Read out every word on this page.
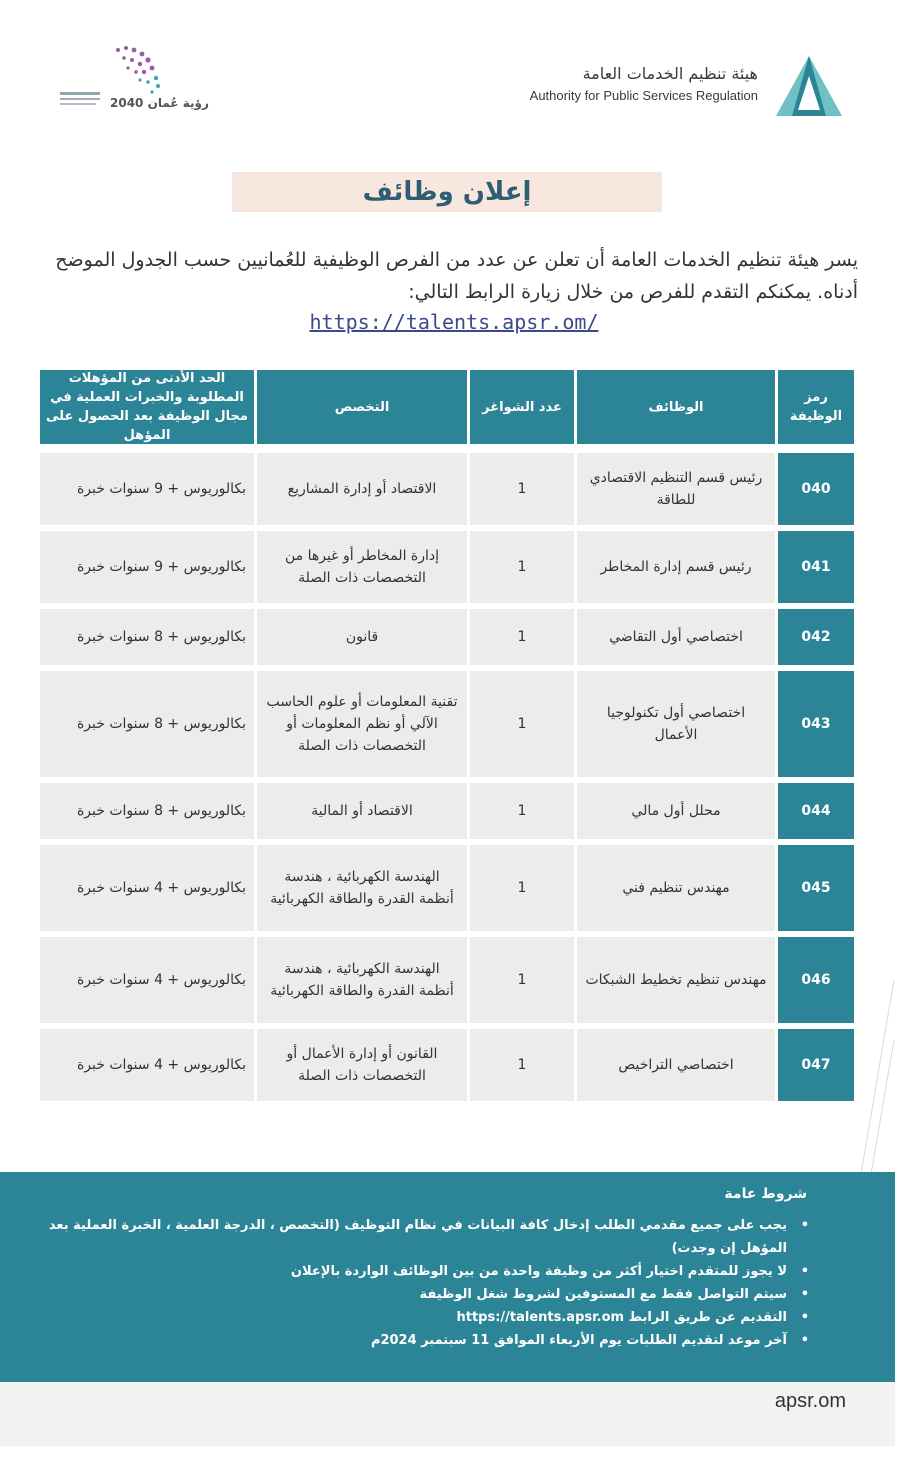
هيئة تنظيم الخدمات العامة
Authority for Public Services Regulation
رؤية عُمان 2040
إعلان وظائف
يسر هيئة تنظيم الخدمات العامة أن تعلن عن عدد من الفرص الوظيفية للعُمانيين حسب الجدول الموضح أدناه. يمكنكم التقدم للفرص من خلال زيارة الرابط التالي:
https://talents.apsr.om/
رمز الوظيفة
الوظائف
عدد الشواغر
التخصص
الحد الأدنى من المؤهلات المطلوبة والخبرات العملية في مجال الوظيفة بعد الحصول على المؤهل
040
رئيس قسم التنظيم الاقتصادي للطاقة
1
الاقتصاد أو إدارة المشاريع
بكالوريوس + 9 سنوات خبرة
041
رئيس قسم إدارة المخاطر
1
إدارة المخاطر أو غيرها من التخصصات ذات الصلة
بكالوريوس + 9 سنوات خبرة
042
اختصاصي أول التقاضي
1
قانون
بكالوريوس + 8 سنوات خبرة
043
اختصاصي أول تكنولوجيا الأعمال
1
تقنية المعلومات أو علوم الحاسب الآلي أو نظم المعلومات أو التخصصات ذات الصلة
بكالوريوس + 8 سنوات خبرة
044
محلل أول مالي
1
الاقتصاد أو المالية
بكالوريوس + 8 سنوات خبرة
045
مهندس تنظيم فني
1
الهندسة الكهربائية ، هندسة أنظمة القدرة والطاقة الكهربائية
بكالوريوس + 4 سنوات خبرة
046
مهندس تنظيم تخطيط الشبكات
1
الهندسة الكهربائية ، هندسة أنظمة القدرة والطاقة الكهربائية
بكالوريوس + 4 سنوات خبرة
047
اختصاصي التراخيص
1
القانون أو إدارة الأعمال أو التخصصات ذات الصلة
بكالوريوس + 4 سنوات خبرة
شروط عامة
• يجب على جميع مقدمي الطلب إدخال كافة البيانات في نظام التوظيف (التخصص ، الدرجة العلمية ، الخبرة العملية بعد المؤهل إن وجدت)
• لا يجوز للمتقدم اختيار أكثر من وظيفة واحدة من بين الوظائف الواردة بالإعلان
• سيتم التواصل فقط مع المستوفين لشروط شغل الوظيفة
• التقديم عن طريق الرابط https://talents.apsr.om
• آخر موعد لتقديم الطلبات يوم الأربعاء الموافق 11 سبتمبر 2024م
apsr.om
